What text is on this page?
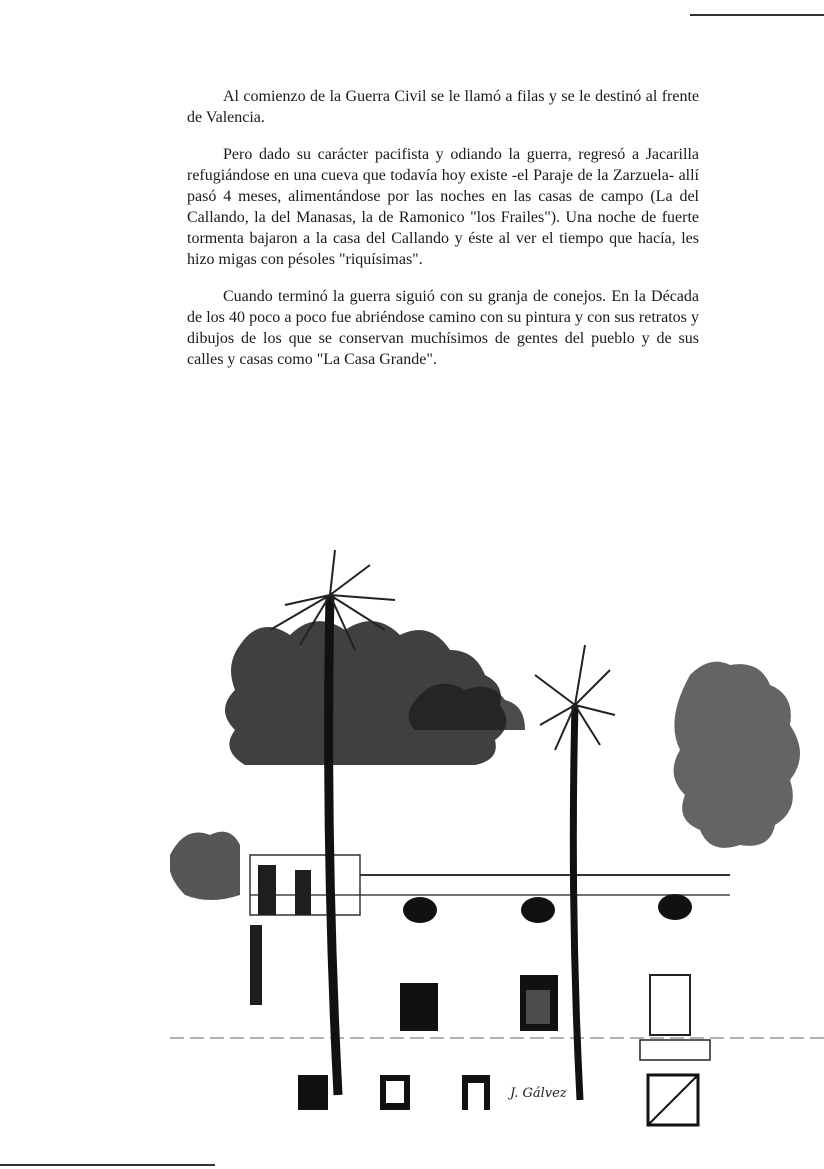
Al comienzo de la Guerra Civil se le llamó a filas y se le destinó al frente de Valencia.

Pero dado su carácter pacifista y odiando la guerra, regresó a Jacarilla refugiándose en una cueva que todavía hoy existe -el Paraje de la Zarzuela- allí pasó 4 meses, alimentándose por las noches en las casas de campo (La del Callando, la del Manasas, la de Ramonico "los Frailes"). Una noche de fuerte tormenta bajaron a la casa del Callando y éste al ver el tiempo que hacía, les hizo migas con pésoles "riquísimas".

Cuando terminó la guerra siguió con su granja de conejos. En la Década de los 40 poco a poco fue abriéndose camino con su pintura y con sus retratos y dibujos de los que se conservan muchísimos de gentes del pueblo y de sus calles y casas como "La Casa Grande".

J. Gálvez
